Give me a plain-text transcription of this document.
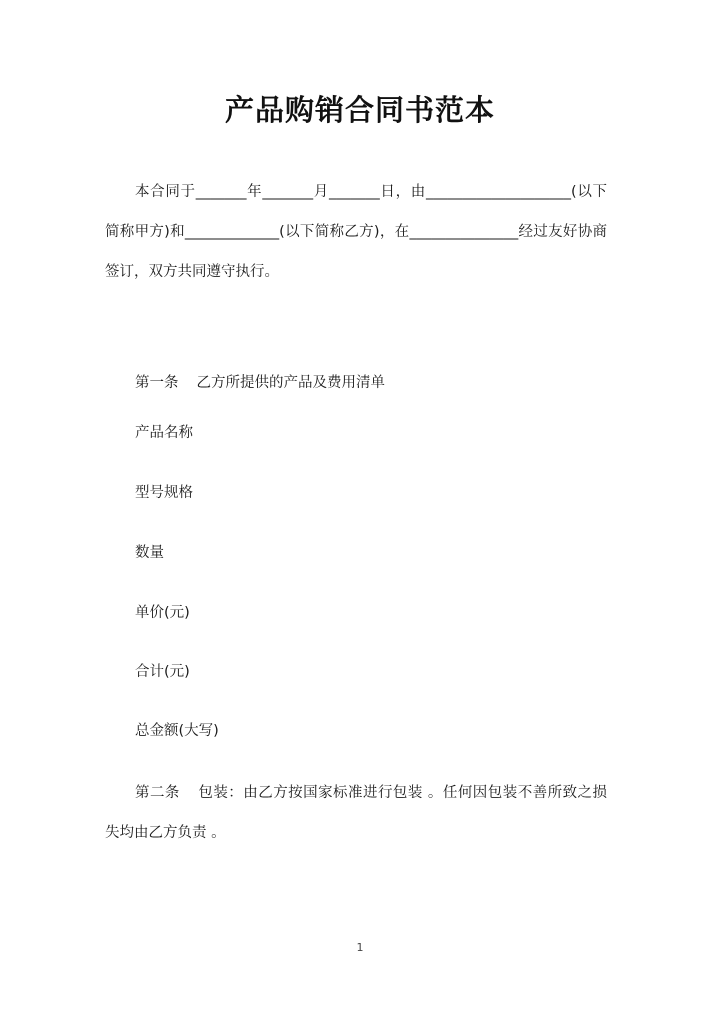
产品购销合同书范本

本合同于_______年_______月_______日，由____________________(以下简称甲方)和_____________(以下简称乙方)，在_______________经过友好协商签订，双方共同遵守执行。

第一条 乙方所提供的产品及费用清单

产品名称
型号规格
数量
单价(元)
合计(元)
总金额(大写)

第二条 包装：由乙方按国家标准进行包装 。任何因包装不善所致之损失均由乙方负责 。

1
